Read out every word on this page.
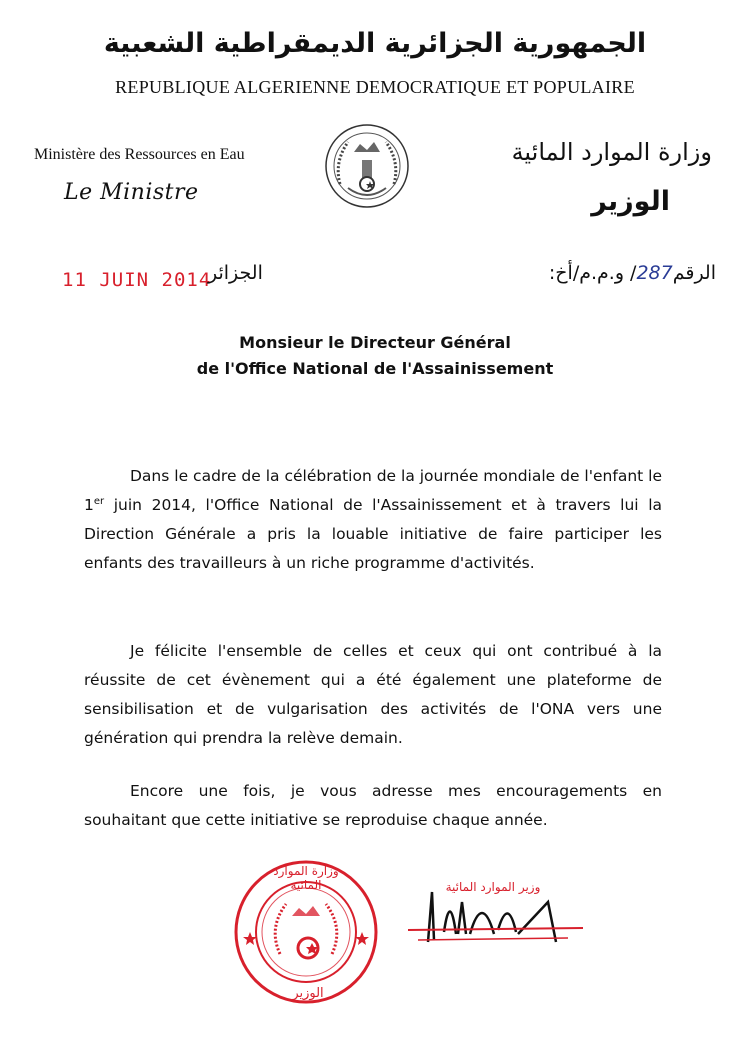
الجمهورية الجزائرية الديمقراطية الشعبية
REPUBLIQUE ALGERIENNE DEMOCRATIQUE ET POPULAIRE
Ministère des Ressources en Eau
Le Ministre
وزارة الموارد المائية
الوزير
11 JUIN 2014
الجزائر	الرقم287/ و.م.م/أخ:
Monsieur le Directeur Général
de l'Office National de l'Assainissement
Dans le cadre de la célébration de la journée mondiale de l'enfant le 1er juin 2014, l'Office National de l'Assainissement et à travers lui la Direction Générale a pris la louable initiative de faire participer les enfants des travailleurs à un riche programme d'activités.
Je félicite l'ensemble de celles et ceux qui ont contribué à la réussite de cet évènement qui a été également une plateforme de sensibilisation et de vulgarisation des activités de l'ONA vers une génération qui prendra la relève demain.
Encore une fois, je vous adresse mes encouragements en souhaitant que cette initiative se reproduise chaque année.
وزارة الموارد المائية
الوزير
وزير الموارد المائية
